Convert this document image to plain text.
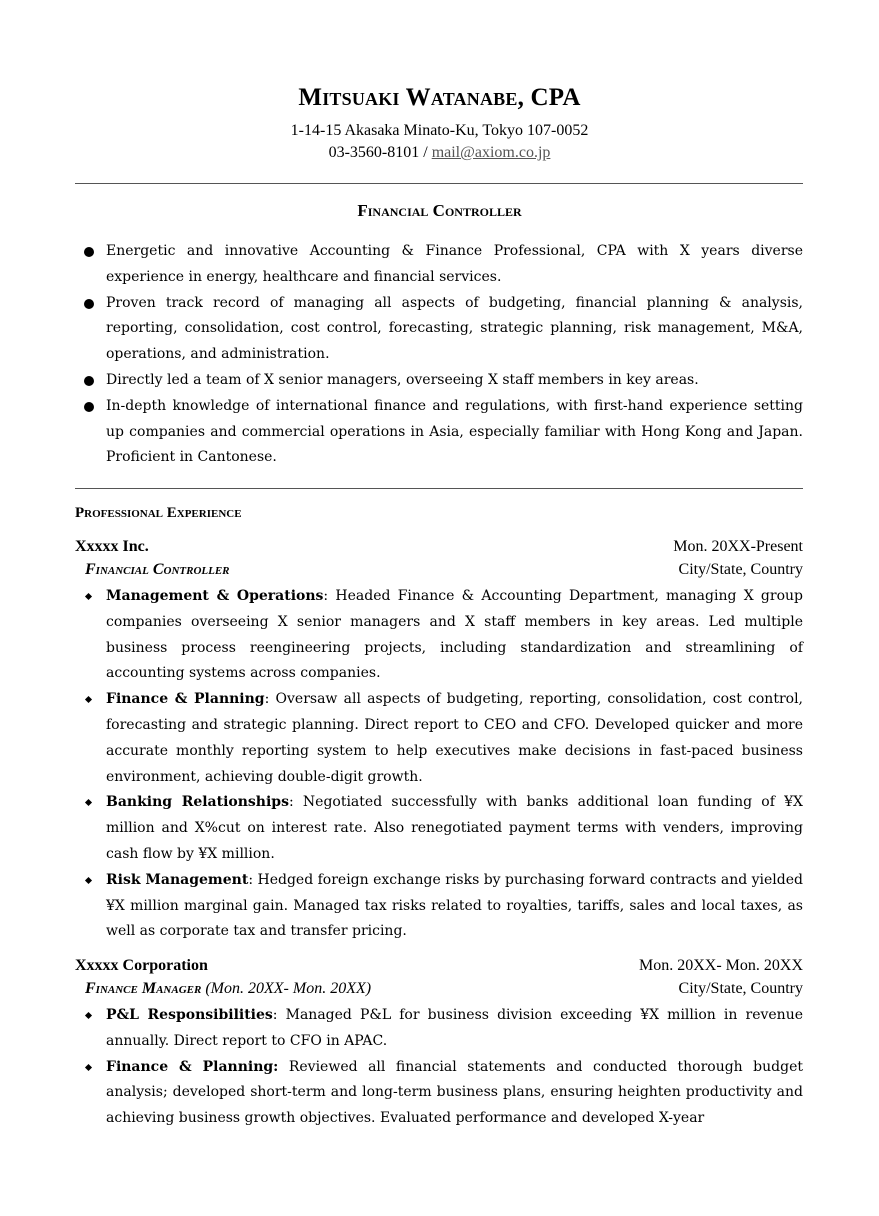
Mitsuaki Watanabe, CPA
1-14-15 Akasaka Minato-Ku, Tokyo 107-0052
03-3560-8101 / mail@axiom.co.jp
Financial Controller
Energetic and innovative Accounting & Finance Professional, CPA with X years diverse experience in energy, healthcare and financial services.
Proven track record of managing all aspects of budgeting, financial planning & analysis, reporting, consolidation, cost control, forecasting, strategic planning, risk management, M&A, operations, and administration.
Directly led a team of X senior managers, overseeing X staff members in key areas.
In-depth knowledge of international finance and regulations, with first-hand experience setting up companies and commercial operations in Asia, especially familiar with Hong Kong and Japan. Proficient in Cantonese.
Professional Experience
Xxxxx Inc.	Mon. 20XX-Present
Financial Controller	City/State, Country
Management & Operations: Headed Finance & Accounting Department, managing X group companies overseeing X senior managers and X staff members in key areas. Led multiple business process reengineering projects, including standardization and streamlining of accounting systems across companies.
Finance & Planning: Oversaw all aspects of budgeting, reporting, consolidation, cost control, forecasting and strategic planning. Direct report to CEO and CFO. Developed quicker and more accurate monthly reporting system to help executives make decisions in fast-paced business environment, achieving double-digit growth.
Banking Relationships: Negotiated successfully with banks additional loan funding of ¥X million and X%cut on interest rate. Also renegotiated payment terms with venders, improving cash flow by ¥X million.
Risk Management: Hedged foreign exchange risks by purchasing forward contracts and yielded ¥X million marginal gain. Managed tax risks related to royalties, tariffs, sales and local taxes, as well as corporate tax and transfer pricing.
Xxxxx Corporation	Mon. 20XX- Mon. 20XX
Finance Manager (Mon. 20XX- Mon. 20XX)	City/State, Country
P&L Responsibilities: Managed P&L for business division exceeding ¥X million in revenue annually. Direct report to CFO in APAC.
Finance & Planning: Reviewed all financial statements and conducted thorough budget analysis; developed short-term and long-term business plans, ensuring heighten productivity and achieving business growth objectives. Evaluated performance and developed X-year
